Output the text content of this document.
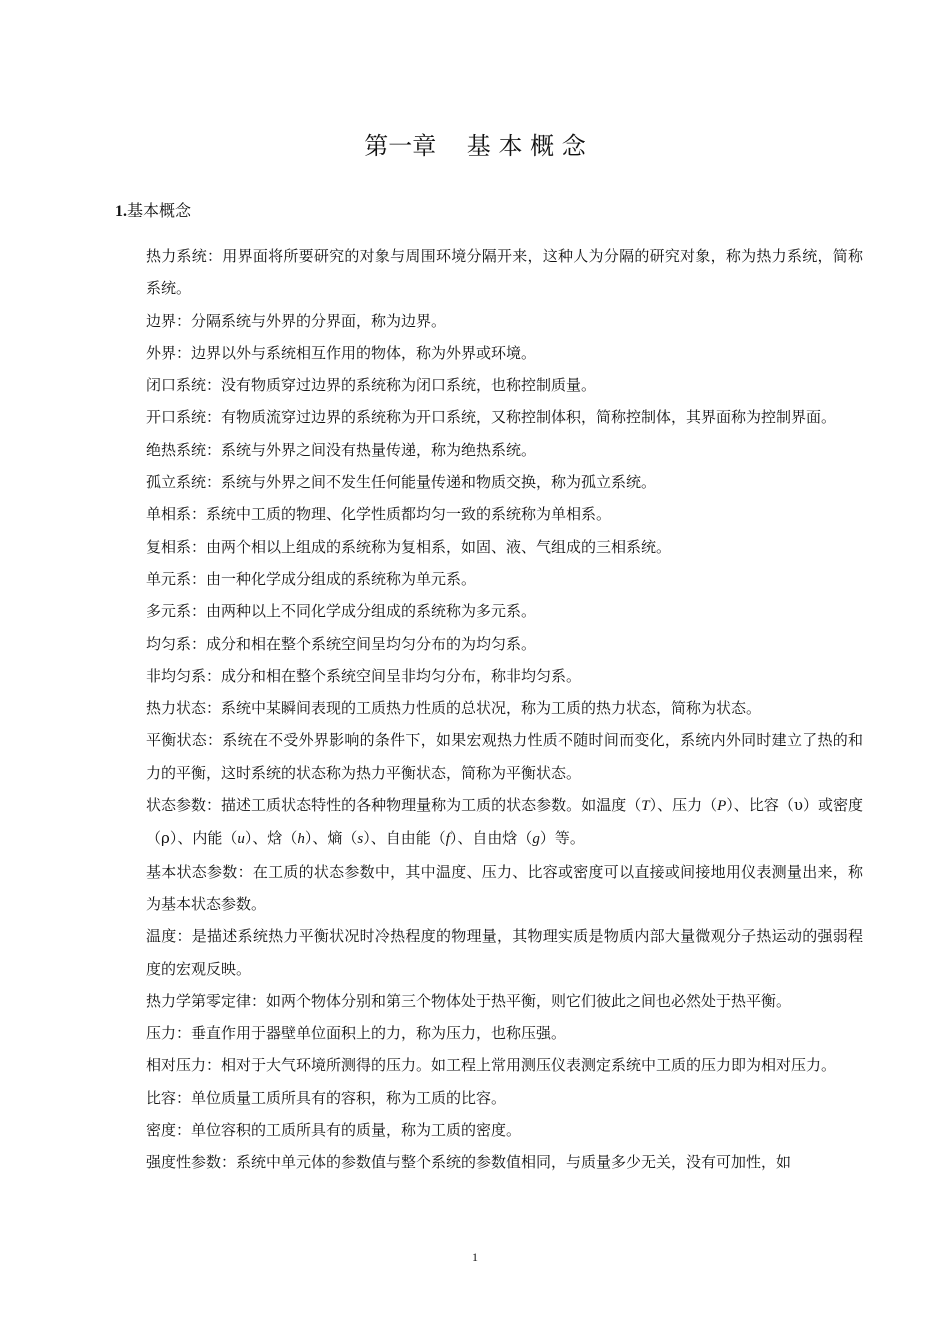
第一章    基 本 概 念
1.基本概念

热力系统：用界面将所要研究的对象与周围环境分隔开来，这种人为分隔的研究对象，称为热力系统，简称系统。

边界：分隔系统与外界的分界面，称为边界。

外界：边界以外与系统相互作用的物体，称为外界或环境。

闭口系统：没有物质穿过边界的系统称为闭口系统，也称控制质量。

开口系统：有物质流穿过边界的系统称为开口系统，又称控制体积，简称控制体，其界面称为控制界面。

绝热系统：系统与外界之间没有热量传递，称为绝热系统。

孤立系统：系统与外界之间不发生任何能量传递和物质交换，称为孤立系统。

单相系：系统中工质的物理、化学性质都均匀一致的系统称为单相系。

复相系：由两个相以上组成的系统称为复相系，如固、液、气组成的三相系统。

单元系：由一种化学成分组成的系统称为单元系。

多元系：由两种以上不同化学成分组成的系统称为多元系。

均匀系：成分和相在整个系统空间呈均匀分布的为均匀系。

非均匀系：成分和相在整个系统空间呈非均匀分布，称非均匀系。

热力状态：系统中某瞬间表现的工质热力性质的总状况，称为工质的热力状态，简称为状态。

平衡状态：系统在不受外界影响的条件下，如果宏观热力性质不随时间而变化，系统内外同时建立了热的和力的平衡，这时系统的状态称为热力平衡状态，简称为平衡状态。

状态参数：描述工质状态特性的各种物理量称为工质的状态参数。如温度（T）、压力（P）、比容（υ）或密度（ρ）、内能（u）、焓（h）、熵（s）、自由能（f）、自由焓（g）等。

基本状态参数：在工质的状态参数中，其中温度、压力、比容或密度可以直接或间接地用仪表测量出来，称为基本状态参数。

温度：是描述系统热力平衡状况时冷热程度的物理量，其物理实质是物质内部大量微观分子热运动的强弱程度的宏观反映。

热力学第零定律：如两个物体分别和第三个物体处于热平衡，则它们彼此之间也必然处于热平衡。

压力：垂直作用于器壁单位面积上的力，称为压力，也称压强。

相对压力：相对于大气环境所测得的压力。如工程上常用测压仪表测定系统中工质的压力即为相对压力。

比容：单位质量工质所具有的容积，称为工质的比容。

密度：单位容积的工质所具有的质量，称为工质的密度。

强度性参数：系统中单元体的参数值与整个系统的参数值相同，与质量多少无关，没有可加性，如

1
